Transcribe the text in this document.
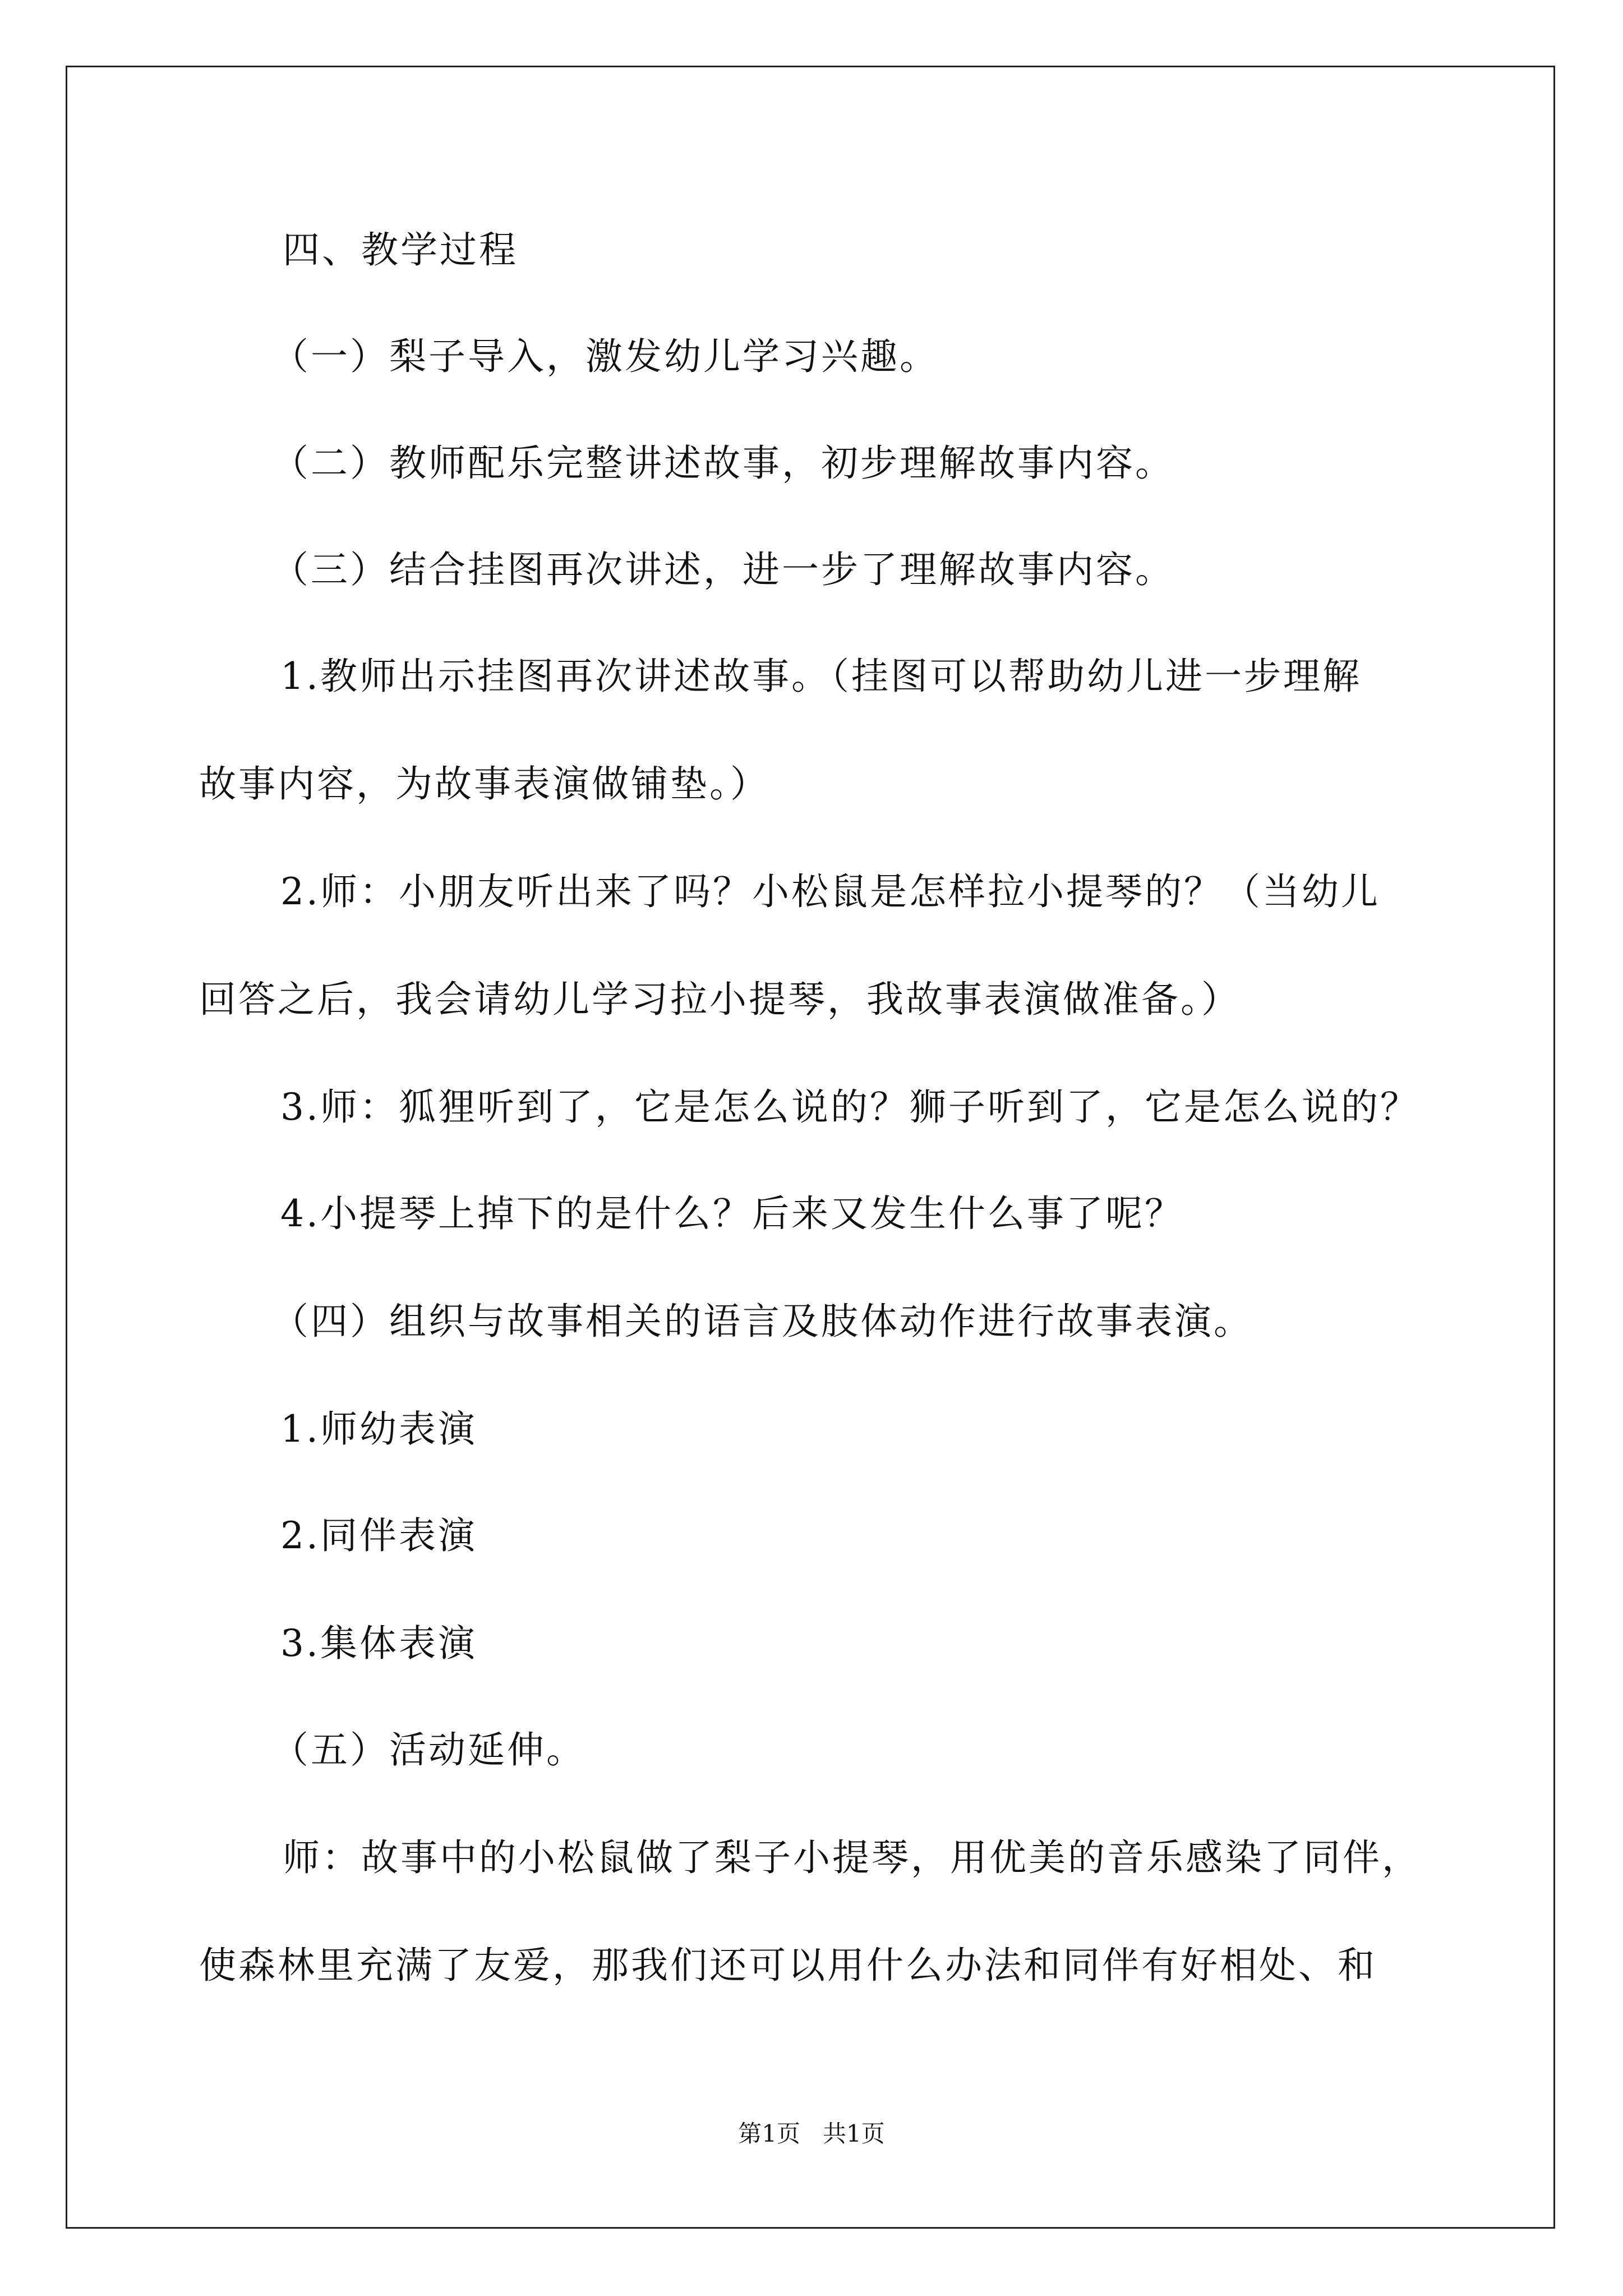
四、教学过程
（一）梨子导入，激发幼儿学习兴趣。
（二）教师配乐完整讲述故事，初步理解故事内容。
（三）结合挂图再次讲述，进一步了理解故事内容。
1.教师出示挂图再次讲述故事。（挂图可以帮助幼儿进一步理解
故事内容，为故事表演做铺垫。）
2.师：小朋友听出来了吗？小松鼠是怎样拉小提琴的？（当幼儿
回答之后，我会请幼儿学习拉小提琴，我故事表演做准备。）
3.师：狐狸听到了，它是怎么说的？狮子听到了，它是怎么说的？
4.小提琴上掉下的是什么？后来又发生什么事了呢？
（四）组织与故事相关的语言及肢体动作进行故事表演。
1.师幼表演
2.同伴表演
3.集体表演
（五）活动延伸。
师：故事中的小松鼠做了梨子小提琴，用优美的音乐感染了同伴，
使森林里充满了友爱，那我们还可以用什么办法和同伴有好相处、和
第1页   共1页
